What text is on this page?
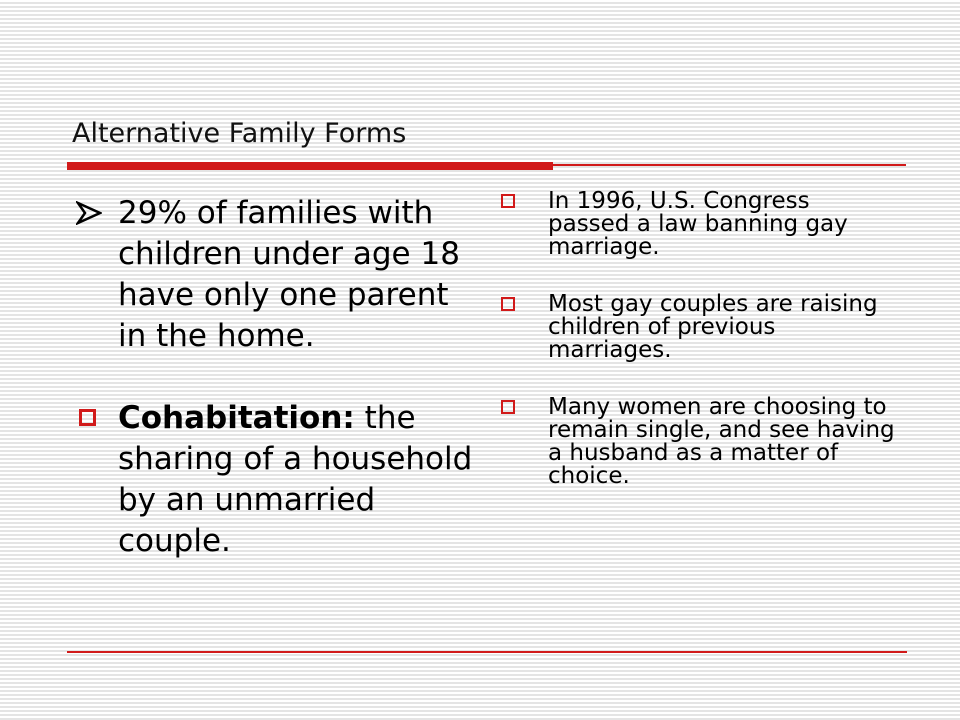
Alternative Family Forms
29% of families with children under age 18 have only one parent in the home.
Cohabitation: the sharing of a household by an unmarried couple.
In 1996, U.S. Congress passed a law banning gay marriage.
Most gay couples are raising children of previous marriages.
Many women are choosing to remain single, and see having a husband as a matter of choice.
